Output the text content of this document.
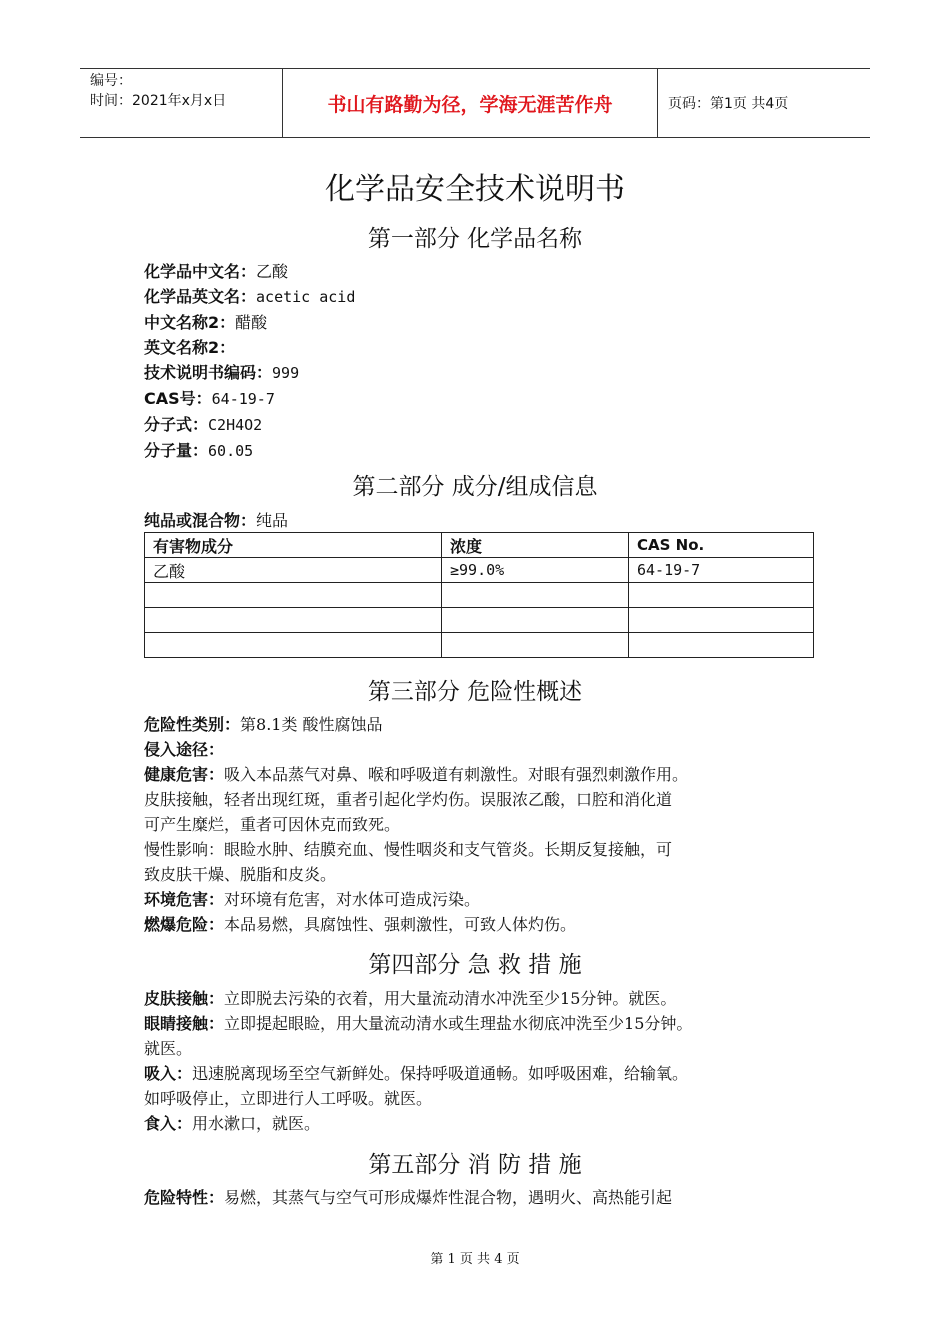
编号：
时间：2021年x月x日	书山有路勤为径，学海无涯苦作舟	页码：第1页 共4页
化学品安全技术说明书
第一部分 化学品名称
化学品中文名：乙酸
化学品英文名：acetic acid
中文名称2：醋酸
英文名称2：
技术说明书编码：999
CAS号：64-19-7
分子式：C2H4O2
分子量：60.05
第二部分 成分/组成信息
纯品或混合物：纯品
有害物成分	浓度	CAS No.
乙酸	≥99.0%	64-19-7

第三部分 危险性概述
危险性类别：第8.1类 酸性腐蚀品
侵入途径：
健康危害：吸入本品蒸气对鼻、喉和呼吸道有刺激性。对眼有强烈刺激作用。
皮肤接触，轻者出现红斑，重者引起化学灼伤。误服浓乙酸，口腔和消化道
可产生糜烂，重者可因休克而致死。
慢性影响：眼睑水肿、结膜充血、慢性咽炎和支气管炎。长期反复接触，可
致皮肤干燥、脱脂和皮炎。
环境危害：对环境有危害，对水体可造成污染。
燃爆危险：本品易燃，具腐蚀性、强刺激性，可致人体灼伤。
第四部分 急 救 措 施
皮肤接触：立即脱去污染的衣着，用大量流动清水冲洗至少15分钟。就医。
眼睛接触：立即提起眼睑，用大量流动清水或生理盐水彻底冲洗至少15分钟。
就医。
吸入：迅速脱离现场至空气新鲜处。保持呼吸道通畅。如呼吸困难，给输氧。
如呼吸停止，立即进行人工呼吸。就医。
食入：用水漱口，就医。
第五部分 消 防 措 施
危险特性：易燃，其蒸气与空气可形成爆炸性混合物，遇明火、高热能引起
第 1 页 共 4 页
